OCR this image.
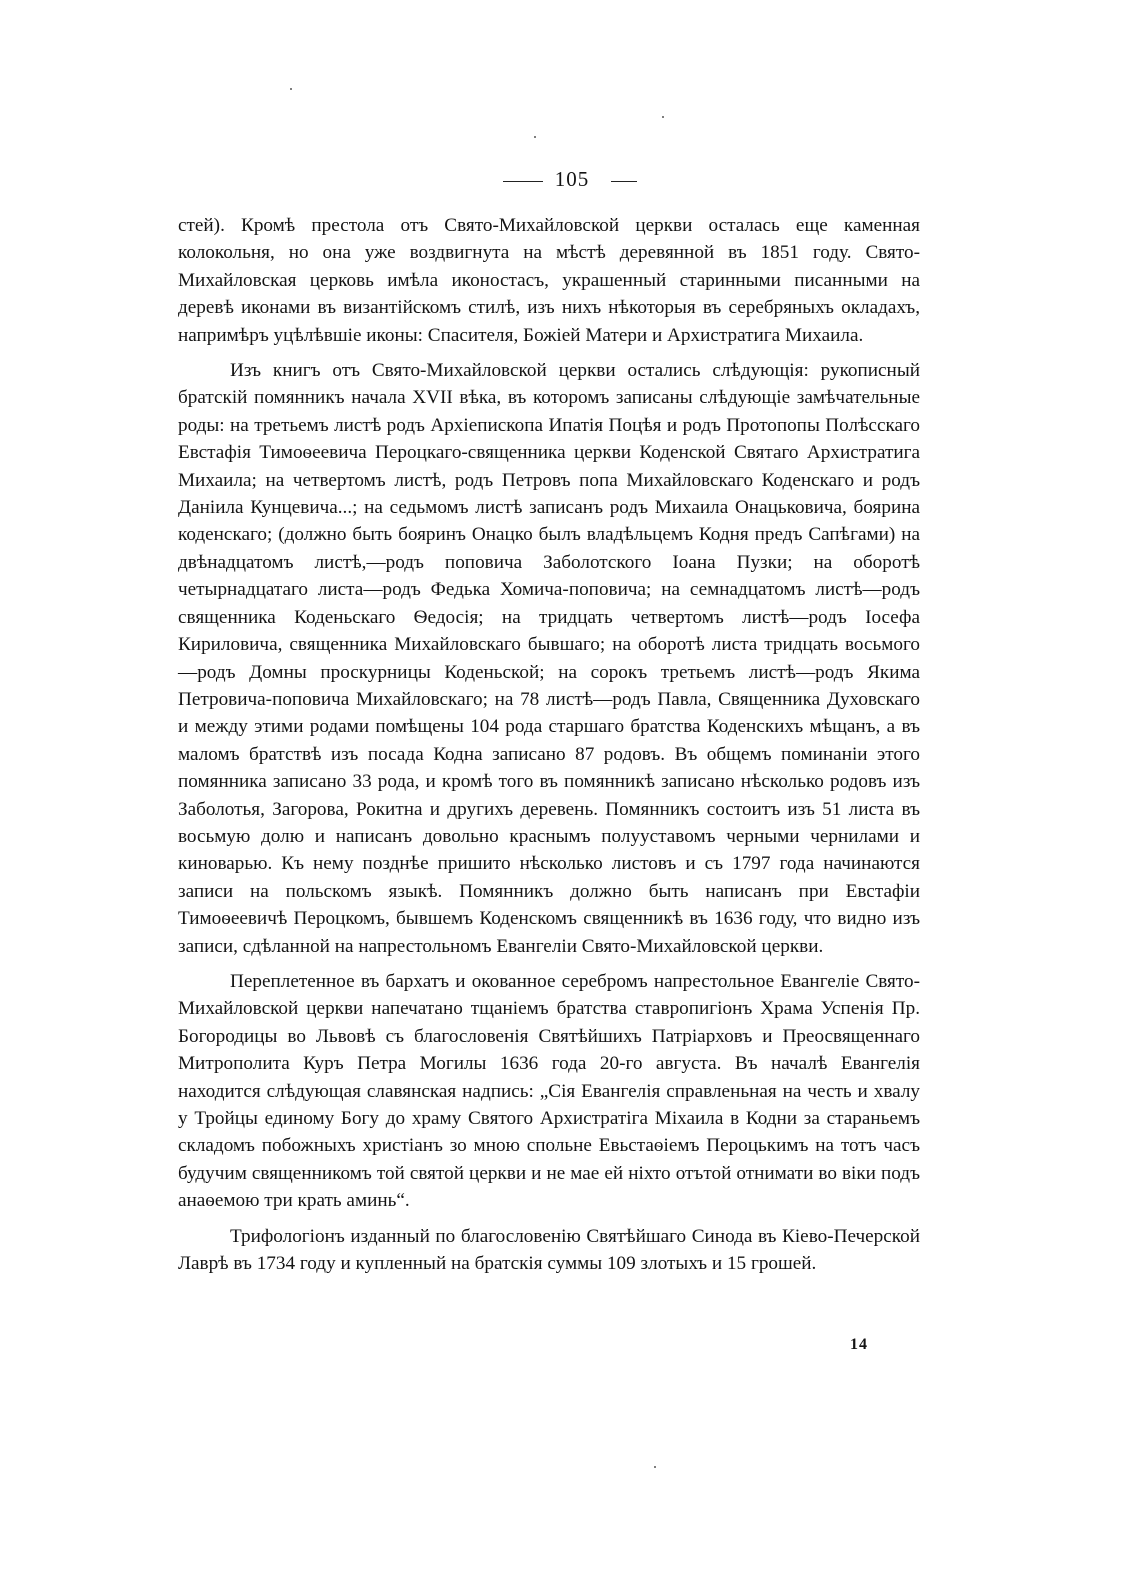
105

стей). Кромѣ престола отъ Свято-Михайловской церкви осталась еще каменная колокольня, но она уже воздвигнута на мѣстѣ деревянной въ 1851 году. Свято-Михайловская церковь имѣла иконостасъ, украшенный старинными писанными на деревѣ иконами въ византiйскомъ стилѣ, изъ нихъ нѣкоторыя въ серебряныхъ окладахъ, напримѣръ уцѣлѣвшiе иконы: Спасителя, Божiей Матери и Архистратига Михаила.

Изъ книгъ отъ Свято-Михайловской церкви остались слѣдующiя: рукописный братскiй помянникъ начала XVII вѣка, въ которомъ записаны слѣдующiе замѣчательные роды: на третьемъ листѣ родъ Архiепископа Ипатiя Поцѣя и родъ Протопопы Полѣсскаго Евстафiя Тимоѳеевича Пероцкаго-священника церкви Коденской Святаго Архистратига Михаила; на четвертомъ листѣ, родъ Петровъ попа Михайловскаго Коденскаго и родъ Данiила Кунцевича...; на седьмомъ листѣ записанъ родъ Михаила Онацьковича, боярина коденскаго; (должно быть бояринъ Онацко былъ владѣльцемъ Кодня предъ Сапѣгами) на двѣнадцатомъ листѣ,—родъ поповича Заболотского Iоана Пузки; на оборотѣ четырнадцатаго листа—родъ Федька Хомича-поповича; на семнадцатомъ листѣ—родъ священника Коденьскаго Ѳедосiя; на тридцать четвертомъ листѣ—родъ Iосефа Кириловича, священника Михайловскаго бывшаго; на оборотѣ листа тридцать восьмого—родъ Домны проскурницы Коденьской; на сорокъ третьемъ листѣ—родъ Якима Петровича-поповича Михайловскаго; на 78 листѣ—родъ Павла, Священника Духовскаго и между этими родами помѣщены 104 рода старшаго братства Коденскихъ мѣщанъ, а въ маломъ братствѣ изъ посада Кодна записано 87 родовъ. Въ общемъ поминанiи этого помянника записано 33 рода, и кромѣ того въ помянникѣ записано нѣсколько родовъ изъ Заболотья, Загорова, Рокитна и другихъ деревень. Помянникъ состоитъ изъ 51 листа въ восьмую долю и написанъ довольно краснымъ полууставомъ черными чернилами и киноварью. Къ нему позднѣе пришито нѣсколько листовъ и съ 1797 года начинаются записи на польскомъ языкѣ. Помянникъ должно быть написанъ при Евстафiи Тимоѳеевичѣ Пероцкомъ, бывшемъ Коденскомъ священникѣ въ 1636 году, что видно изъ записи, сдѣланной на напрестольномъ Евангелiи Свято-Михайловской церкви.

Переплетенное въ бархатъ и окованное серебромъ напрестольное Евангелiе Свято-Михайловской церкви напечатано тщанiемъ братства ставропигiонъ Храма Успенiя Пр. Богородицы во Львовѣ съ благословенiя Святѣйшихъ Патрiарховъ и Преосвященнаго Митрополита Куръ Петра Могилы 1636 года 20-го августа. Въ началѣ Евангелiя находится слѣдующая славянская надпись: „Сiя Евангелiя справленьная на честь и хвалу у Тройцы единому Богу до храму Святого Архистратiга Мiхаила в Кодни за стараньемъ складомъ побожныхъ христiанъ зо мною спольне Евьстаѳiемъ Пероцькимъ на тотъ часъ будучим священникомъ той святой церкви и не мае ей нiхто отътой отнимати во вiки подъ анаѳемою три крать аминь“.

Трифологiонъ изданный по благословенiю Святѣйшаго Синода въ Кiево-Печерской Лаврѣ въ 1734 году и купленный на братскiя суммы 109 злотыхъ и 15 грошей.

14
